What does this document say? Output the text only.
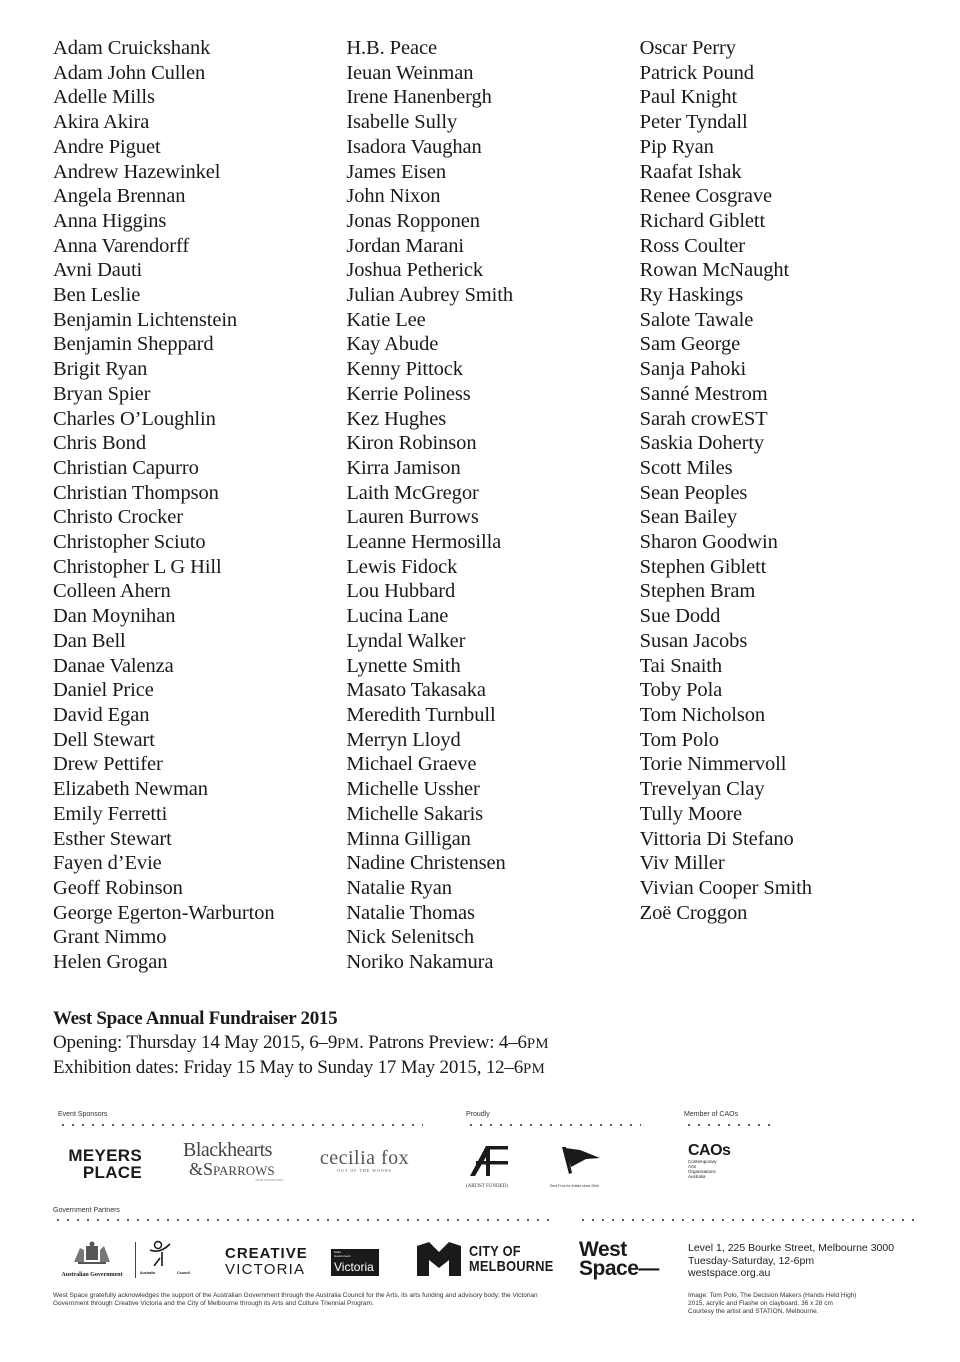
Adam Cruickshank
Adam John Cullen
Adelle Mills
Akira Akira
Andre Piguet
Andrew Hazewinkel
Angela Brennan
Anna Higgins
Anna Varendorff
Avni Dauti
Ben Leslie
Benjamin Lichtenstein
Benjamin Sheppard
Brigit Ryan
Bryan Spier
Charles O’Loughlin
Chris Bond
Christian Capurro
Christian Thompson
Christo Crocker
Christopher Sciuto
Christopher L G Hill
Colleen Ahern
Dan Moynihan
Dan Bell
Danae Valenza
Daniel Price
David Egan
Dell Stewart
Drew Pettifer
Elizabeth Newman
Emily Ferretti
Esther Stewart
Fayen d’Evie
Geoff Robinson
George Egerton-Warburton
Grant Nimmo
Helen Grogan
H.B. Peace
Ieuan Weinman
Irene Hanenbergh
Isabelle Sully
Isadora Vaughan
James Eisen
John Nixon
Jonas Ropponen
Jordan Marani
Joshua Petherick
Julian Aubrey Smith
Katie Lee
Kay Abude
Kenny Pittock
Kerrie Poliness
Kez Hughes
Kiron Robinson
Kirra Jamison
Laith McGregor
Lauren Burrows
Leanne Hermosilla
Lewis Fidock
Lou Hubbard
Lucina Lane
Lyndal Walker
Lynette Smith
Masato Takasaka
Meredith Turnbull
Merryn Lloyd
Michael Graeve
Michelle Ussher
Michelle Sakaris
Minna Gilligan
Nadine Christensen
Natalie Ryan
Natalie Thomas
Nick Selenitsch
Noriko Nakamura
Oscar Perry
Patrick Pound
Paul Knight
Peter Tyndall
Pip Ryan
Raafat Ishak
Renee Cosgrave
Richard Giblett
Ross Coulter
Rowan McNaught
Ry Haskings
Salote Tawale
Sam George
Sanja Pahoki
Sanné Mestrom
Sarah crowEST
Saskia Doherty
Scott Miles
Sean Peoples
Sean Bailey
Sharon Goodwin
Stephen Giblett
Stephen Bram
Sue Dodd
Susan Jacobs
Tai Snaith
Toby Pola
Tom Nicholson
Tom Polo
Torie Nimmervoll
Trevelyan Clay
Tully Moore
Vittoria Di Stefano
Viv Miller
Vivian Cooper Smith
Zoë Croggon
West Space Annual Fundraiser 2015
Opening: Thursday 14 May 2015, 6–9PM. Patrons Preview: 4–6PM
Exhibition dates: Friday 15 May to Sunday 17 May 2015, 12–6PM
Event Sponsors	Proudly	Member of CAOs
Government Partners
MEYERS
PLACE
Blackhearts
&Sparrows
WINE PURVEYORS
cecilia fox
OUT OF THE WOODS
(ARTIST FUNDED)	Rent Free for Artists since 20##
CAOs
Contemporary
Arts
Organisations
Australia
Australian Government	Australia	Council
CREATIVE
VICTORIA
State
Government
Victoria
CITY OF
MELBOURNE
West
Space—
Level 1, 225 Bourke Street, Melbourne 3000
Tuesday-Saturday, 12-6pm
westspace.org.au
West Space gratefully acknowledges the support of the Australian Government through the Australia Council for the Arts, its arts funding and advisory body; the Victorian Government through Creative Victoria and the City of Melbourne through its Arts and Culture Triennial Program.
Image: Tom Polo, The Decision Makers (Hands Held High)
2015, acrylic and Flashe on clayboard, 36 x 28 cm
Courtesy the artist and STATION, Melbourne.
